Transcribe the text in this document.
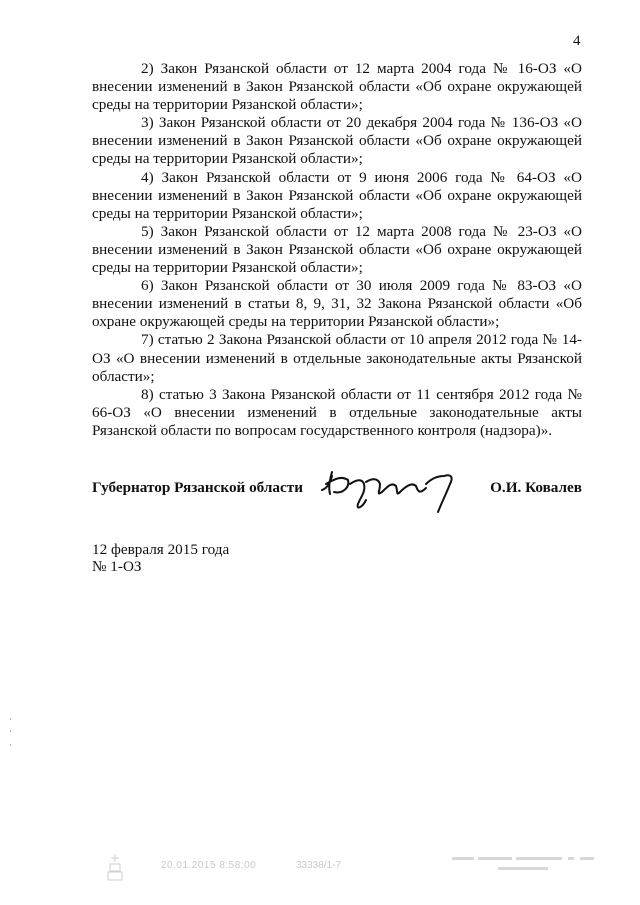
4

2) Закон Рязанской области от 12 марта 2004 года № 16-ОЗ «О внесении изменений в Закон Рязанской области «Об охране окружающей среды на территории Рязанской области»;

3) Закон Рязанской области от 20 декабря 2004 года № 136-ОЗ «О внесении изменений в Закон Рязанской области «Об охране окружающей среды на территории Рязанской области»;

4) Закон Рязанской области от 9 июня 2006 года № 64-ОЗ «О внесении изменений в Закон Рязанской области «Об охране окружающей среды на территории Рязанской области»;

5) Закон Рязанской области от 12 марта 2008 года № 23-ОЗ «О внесении изменений в Закон Рязанской области «Об охране окружающей среды на территории Рязанской области»;

6) Закон Рязанской области от 30 июля 2009 года № 83-ОЗ «О внесении изменений в статьи 8, 9, 31, 32 Закона Рязанской области «Об охране окружающей среды на территории Рязанской области»;

7) статью 2 Закона Рязанской области от 10 апреля 2012 года № 14-ОЗ «О внесении изменений в отдельные законодательные акты Рязанской области»;

8) статью 3 Закона Рязанской области от 11 сентября 2012 года № 66-ОЗ «О внесении изменений в отдельные законодательные акты Рязанской области по вопросам государственного контроля (надзора)».

Губернатор Рязанской области	О.И. Ковалев
12 февраля 2015 года
№ 1-ОЗ
20.01.2015 8:58:00	33338/1-7
